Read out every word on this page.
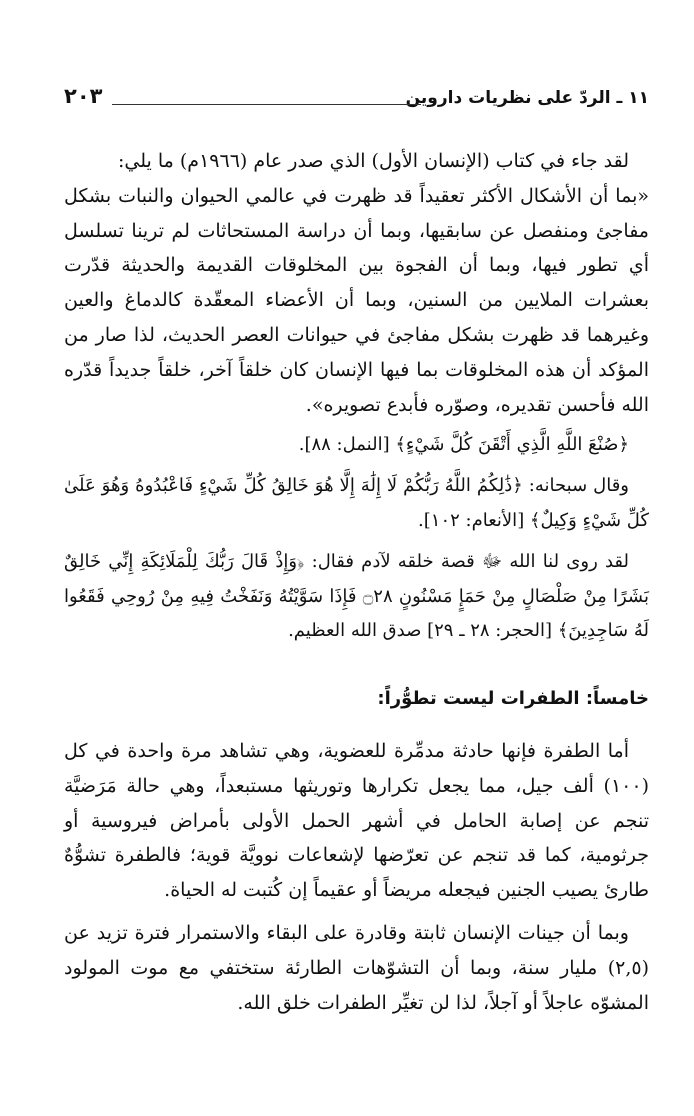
١١ ـ الردّ على نظريات داروين
٢٠٣

لقد جاء في كتاب (الإنسان الأول) الذي صدر عام (١٩٦٦م) ما يلي:

«بما أن الأشكال الأكثر تعقيداً قد ظهرت في عالمي الحيوان والنبات بشكل مفاجئ ومنفصل عن سابقيها، وبما أن دراسة المستحاثات لم ترينا تسلسل أي تطور فيها، وبما أن الفجوة بين المخلوقات القديمة والحديثة قدّرت بعشرات الملايين من السنين، وبما أن الأعضاء المعقّدة كالدماغ والعين وغيرهما قد ظهرت بشكل مفاجئ في حيوانات العصر الحديث، لذا صار من المؤكد أن هذه المخلوقات بما فيها الإنسان كان خلقاً آخر، خلقاً جديداً قدّره الله فأحسن تقديره، وصوّره فأبدع تصويره».

﴿صُنْعَ اللَّهِ الَّذِي أَتْقَنَ كُلَّ شَيْءٍ﴾ [النمل: ٨٨].

وقال سبحانه: ﴿ذَٰلِكُمُ اللَّهُ رَبُّكُمْ لَا إِلَٰهَ إِلَّا هُوَ خَالِقُ كُلِّ شَيْءٍ فَاعْبُدُوهُ وَهُوَ عَلَىٰ كُلِّ شَيْءٍ وَكِيلٌ﴾ [الأنعام: ١٠٢].

لقد روى لنا الله ﷻ قصة خلقه لآدم فقال: ﴿وَإِذْ قَالَ رَبُّكَ لِلْمَلَائِكَةِ إِنِّي خَالِقٌ بَشَرًا مِنْ صَلْصَالٍ مِنْ حَمَإٍ مَسْنُونٍ ۝٢٨ فَإِذَا سَوَّيْتُهُ وَنَفَخْتُ فِيهِ مِنْ رُوحِي فَقَعُوا لَهُ سَاجِدِينَ﴾ [الحجر: ٢٨ ـ ٢٩] صدق الله العظيم.

خامساً: الطفرات ليست تطوُّراً:

أما الطفرة فإنها حادثة مدمِّرة للعضوية، وهي تشاهد مرة واحدة في كل (١٠٠) ألف جيل، مما يجعل تكرارها وتوريثها مستبعداً، وهي حالة مَرَضيَّة تنجم عن إصابة الحامل في أشهر الحمل الأولى بأمراض فيروسية أو جرثومية، كما قد تنجم عن تعرّضها لإشعاعات نوويَّة قوية؛ فالطفرة تشوُّهٌ طارئ يصيب الجنين فيجعله مريضاً أو عقيماً إن كُتبت له الحياة.

وبما أن جينات الإنسان ثابتة وقادرة على البقاء والاستمرار فترة تزيد عن (٢,٥) مليار سنة، وبما أن التشوّهات الطارئة ستختفي مع موت المولود المشوّه عاجلاً أو آجلاً، لذا لن تغيِّر الطفرات خلق الله.
